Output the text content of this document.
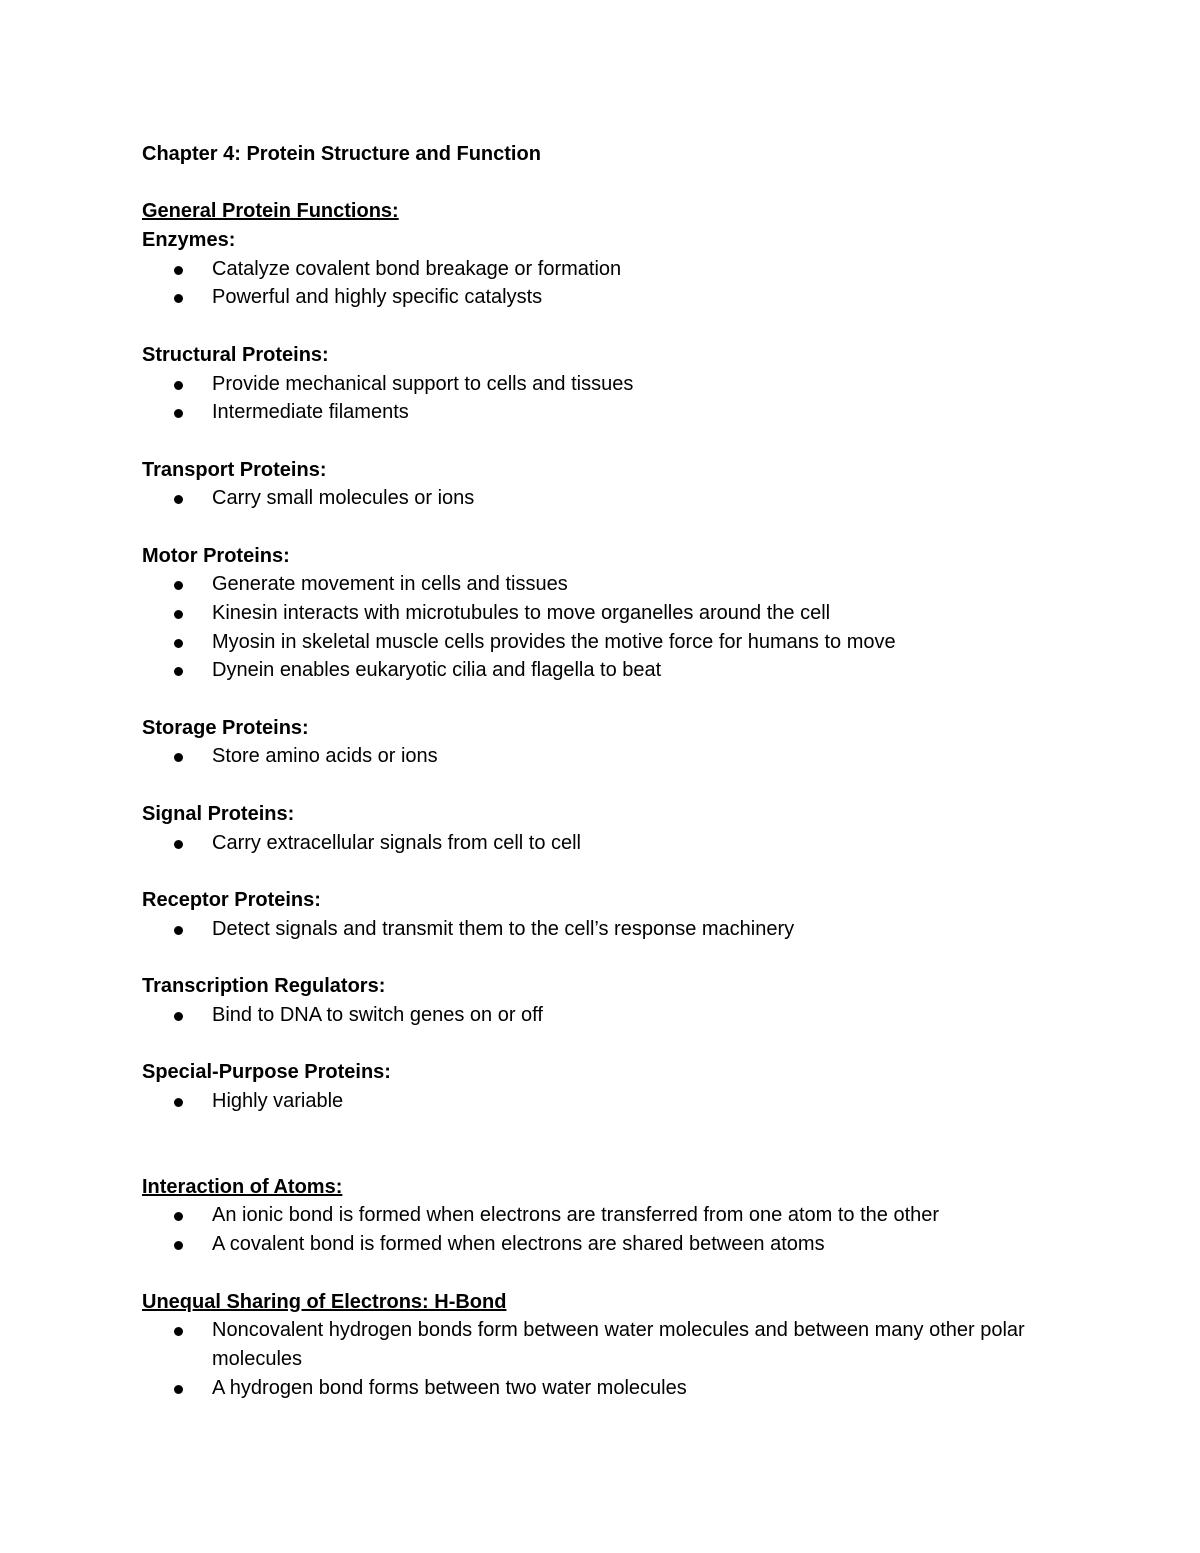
Chapter 4: Protein Structure and Function
General Protein Functions:
Enzymes:
Catalyze covalent bond breakage or formation
Powerful and highly specific catalysts
Structural Proteins:
Provide mechanical support to cells and tissues
Intermediate filaments
Transport Proteins:
Carry small molecules or ions
Motor Proteins:
Generate movement in cells and tissues
Kinesin interacts with microtubules to move organelles around the cell
Myosin in skeletal muscle cells provides the motive force for humans to move
Dynein enables eukaryotic cilia and flagella to beat
Storage Proteins:
Store amino acids or ions
Signal Proteins:
Carry extracellular signals from cell to cell
Receptor Proteins:
Detect signals and transmit them to the cell’s response machinery
Transcription Regulators:
Bind to DNA to switch genes on or off
Special-Purpose Proteins:
Highly variable
Interaction of Atoms:
An ionic bond is formed when electrons are transferred from one atom to the other
A covalent bond is formed when electrons are shared between atoms
Unequal Sharing of Electrons: H-Bond
Noncovalent hydrogen bonds form between water molecules and between many other polar molecules
A hydrogen bond forms between two water molecules
